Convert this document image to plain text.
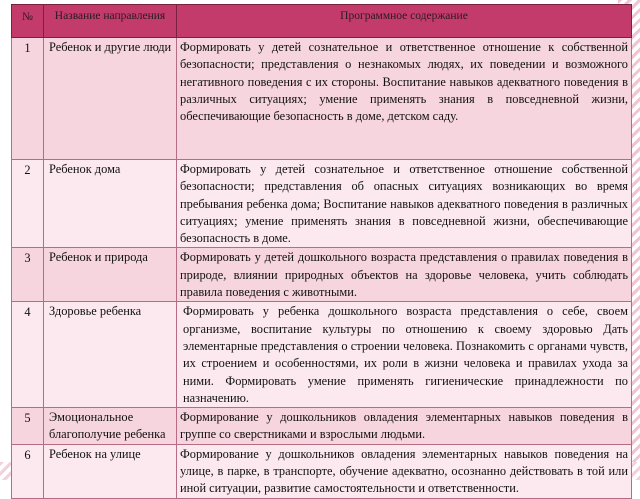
№	Название направления	Программное содержание
1	Ребенок и другие люди	Формировать у детей сознательное и ответственное отношение к собственной безопасности; представления о незнакомых людях, их поведении и возможного негативного поведения с их стороны. Воспитание навыков адекватного поведения в различных ситуациях; умение применять знания в повседневной жизни, обеспечивающие безопасность в доме, детском саду.
2	Ребенок дома	Формировать у детей сознательное и ответственное отношение собственной безопасности; представления об опасных ситуациях возникающих во время пребывания ребенка дома; Воспитание навыков адекватного поведения в различных ситуациях; умение применять знания в повседневной жизни, обеспечивающие безопасность в доме.
3	Ребенок и природа	Формировать у детей дошкольного возраста представления о правилах поведения в природе, влиянии природных объектов на здоровье человека, учить соблюдать правила поведения с животными.
4	Здоровье ребенка	Формировать у ребенка дошкольного возраста представления о себе, своем организме, воспитание культуры по отношению к своему здоровью Дать элементарные представления о строении человека. Познакомить с органами чувств, их строением и особенностями, их роли в жизни человека и правилах ухода за ними. Формировать умение применять гигиенические принадлежности по назначению.
5	Эмоциональное благополучие ребенка	Формирование у дошкольников овладения элементарных навыков поведения в группе со сверстниками и взрослыми людьми.
6	Ребенок на улице	Формирование у дошкольников овладения элементарных навыков поведения на улице, в парке, в транспорте, обучение адекватно, осознанно действовать в той или иной ситуации, развитие самостоятельности и ответственности.
